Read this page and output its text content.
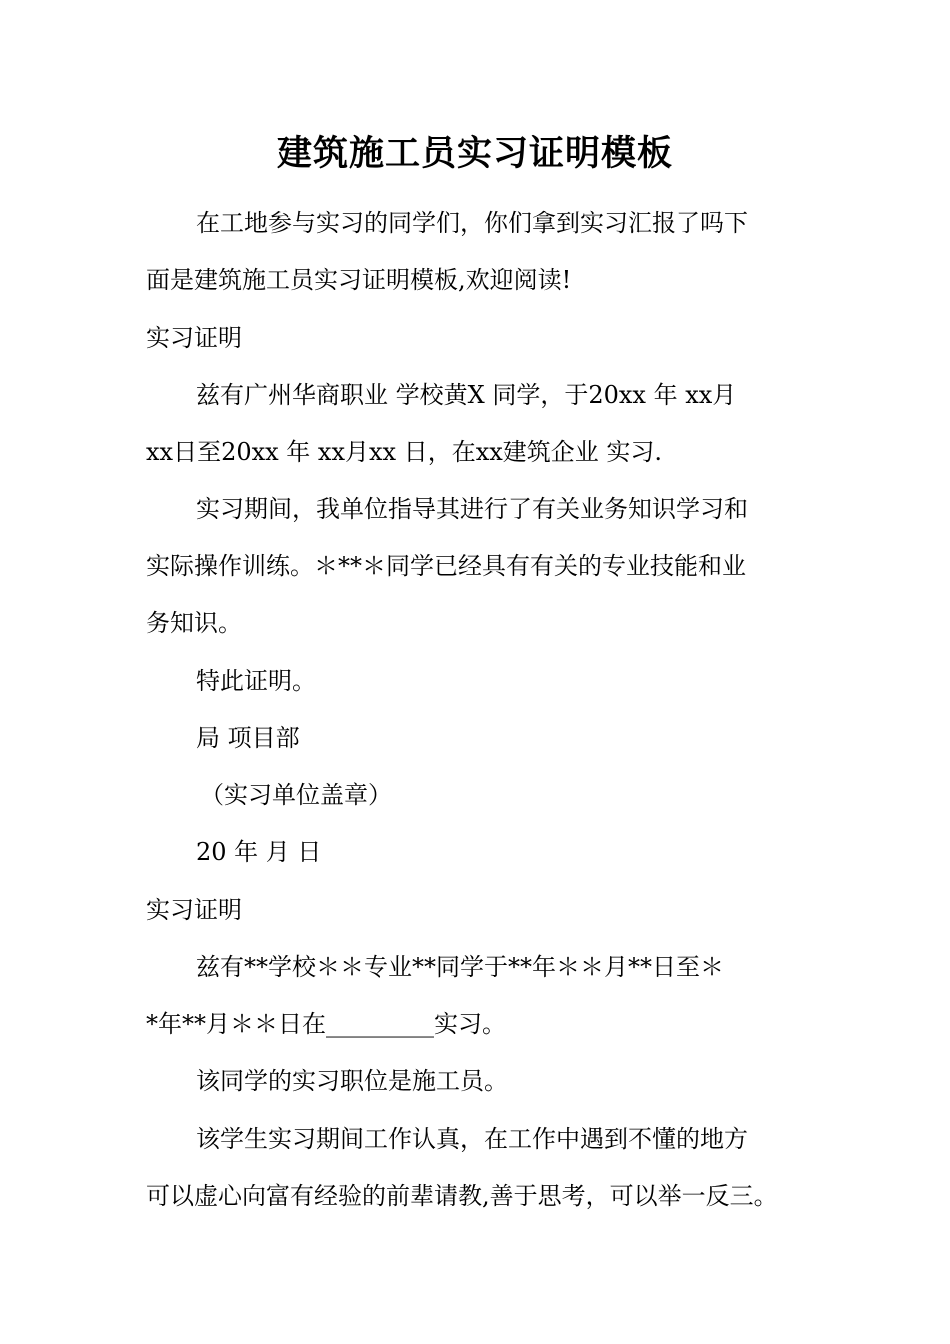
建筑施工员实习证明模板
在工地参与实习的同学们，你们拿到实习汇报了吗下
面是建筑施工员实习证明模板,欢迎阅读!
实习证明
兹有广州华商职业 学校黄X 同学，于20xx 年 xx月
xx日至20xx 年 xx月xx 日，在xx建筑企业 实习.
实习期间，我单位指导其进行了有关业务知识学习和
实际操作训练。＊**＊同学已经具有有关的专业技能和业
务知识。
特此证明。
局 项目部
（实习单位盖章）
20 年 月 日
实习证明
兹有**学校＊＊专业**同学于**年＊＊月**日至＊
*年**月＊＊日在_________实习。
该同学的实习职位是施工员。
该学生实习期间工作认真，在工作中遇到不懂的地方
可以虚心向富有经验的前辈请教,善于思考，可以举一反三。
